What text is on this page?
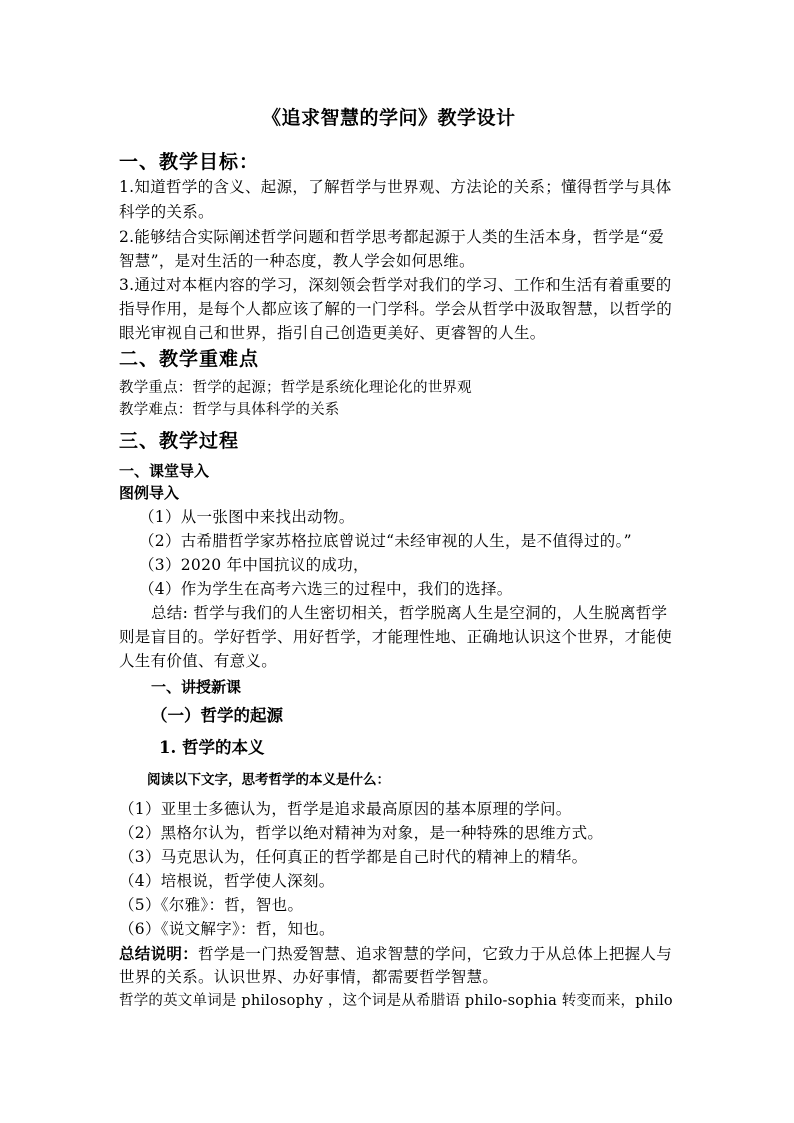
《追求智慧的学问》教学设计
一、教学目标：
1.知道哲学的含义、起源，了解哲学与世界观、方法论的关系；懂得哲学与具体
科学的关系。
2.能够结合实际阐述哲学问题和哲学思考都起源于人类的生活本身，哲学是“爱
智慧”，是对生活的一种态度，教人学会如何思维。
3.通过对本框内容的学习，深刻领会哲学对我们的学习、工作和生活有着重要的
指导作用，是每个人都应该了解的一门学科。学会从哲学中汲取智慧，以哲学的
眼光审视自己和世界，指引自己创造更美好、更睿智的人生。
二、教学重难点
教学重点：哲学的起源；哲学是系统化理论化的世界观
教学难点：哲学与具体科学的关系
三、教学过程
一、课堂导入
图例导入
（1）从一张图中来找出动物。
（2）古希腊哲学家苏格拉底曾说过“未经审视的人生，是不值得过的。”
（3）2020 年中国抗议的成功，
（4）作为学生在高考六选三的过程中，我们的选择。
总结: 哲学与我们的人生密切相关，哲学脱离人生是空洞的，人生脱离哲学
则是盲目的。学好哲学、用好哲学，才能理性地、正确地认识这个世界，才能使
人生有价值、有意义。
一、讲授新课
（一）哲学的起源
1. 哲学的本义
阅读以下文字，思考哲学的本义是什么：
（1）亚里士多德认为，哲学是追求最高原因的基本原理的学问。
（2）黑格尔认为，哲学以绝对精神为对象，是一种特殊的思维方式。
（3）马克思认为，任何真正的哲学都是自己时代的精神上的精华。
（4）培根说，哲学使人深刻。
（5）《尔雅》：哲，智也。
（6）《说文解字》：哲，知也。
总结说明：哲学是一门热爱智慧、追求智慧的学问，它致力于从总体上把握人与
世界的关系。认识世界、办好事情，都需要哲学智慧。
哲学的英文单词是 philosophy ，这个词是从希腊语 philo-sophia 转变而来，philo
